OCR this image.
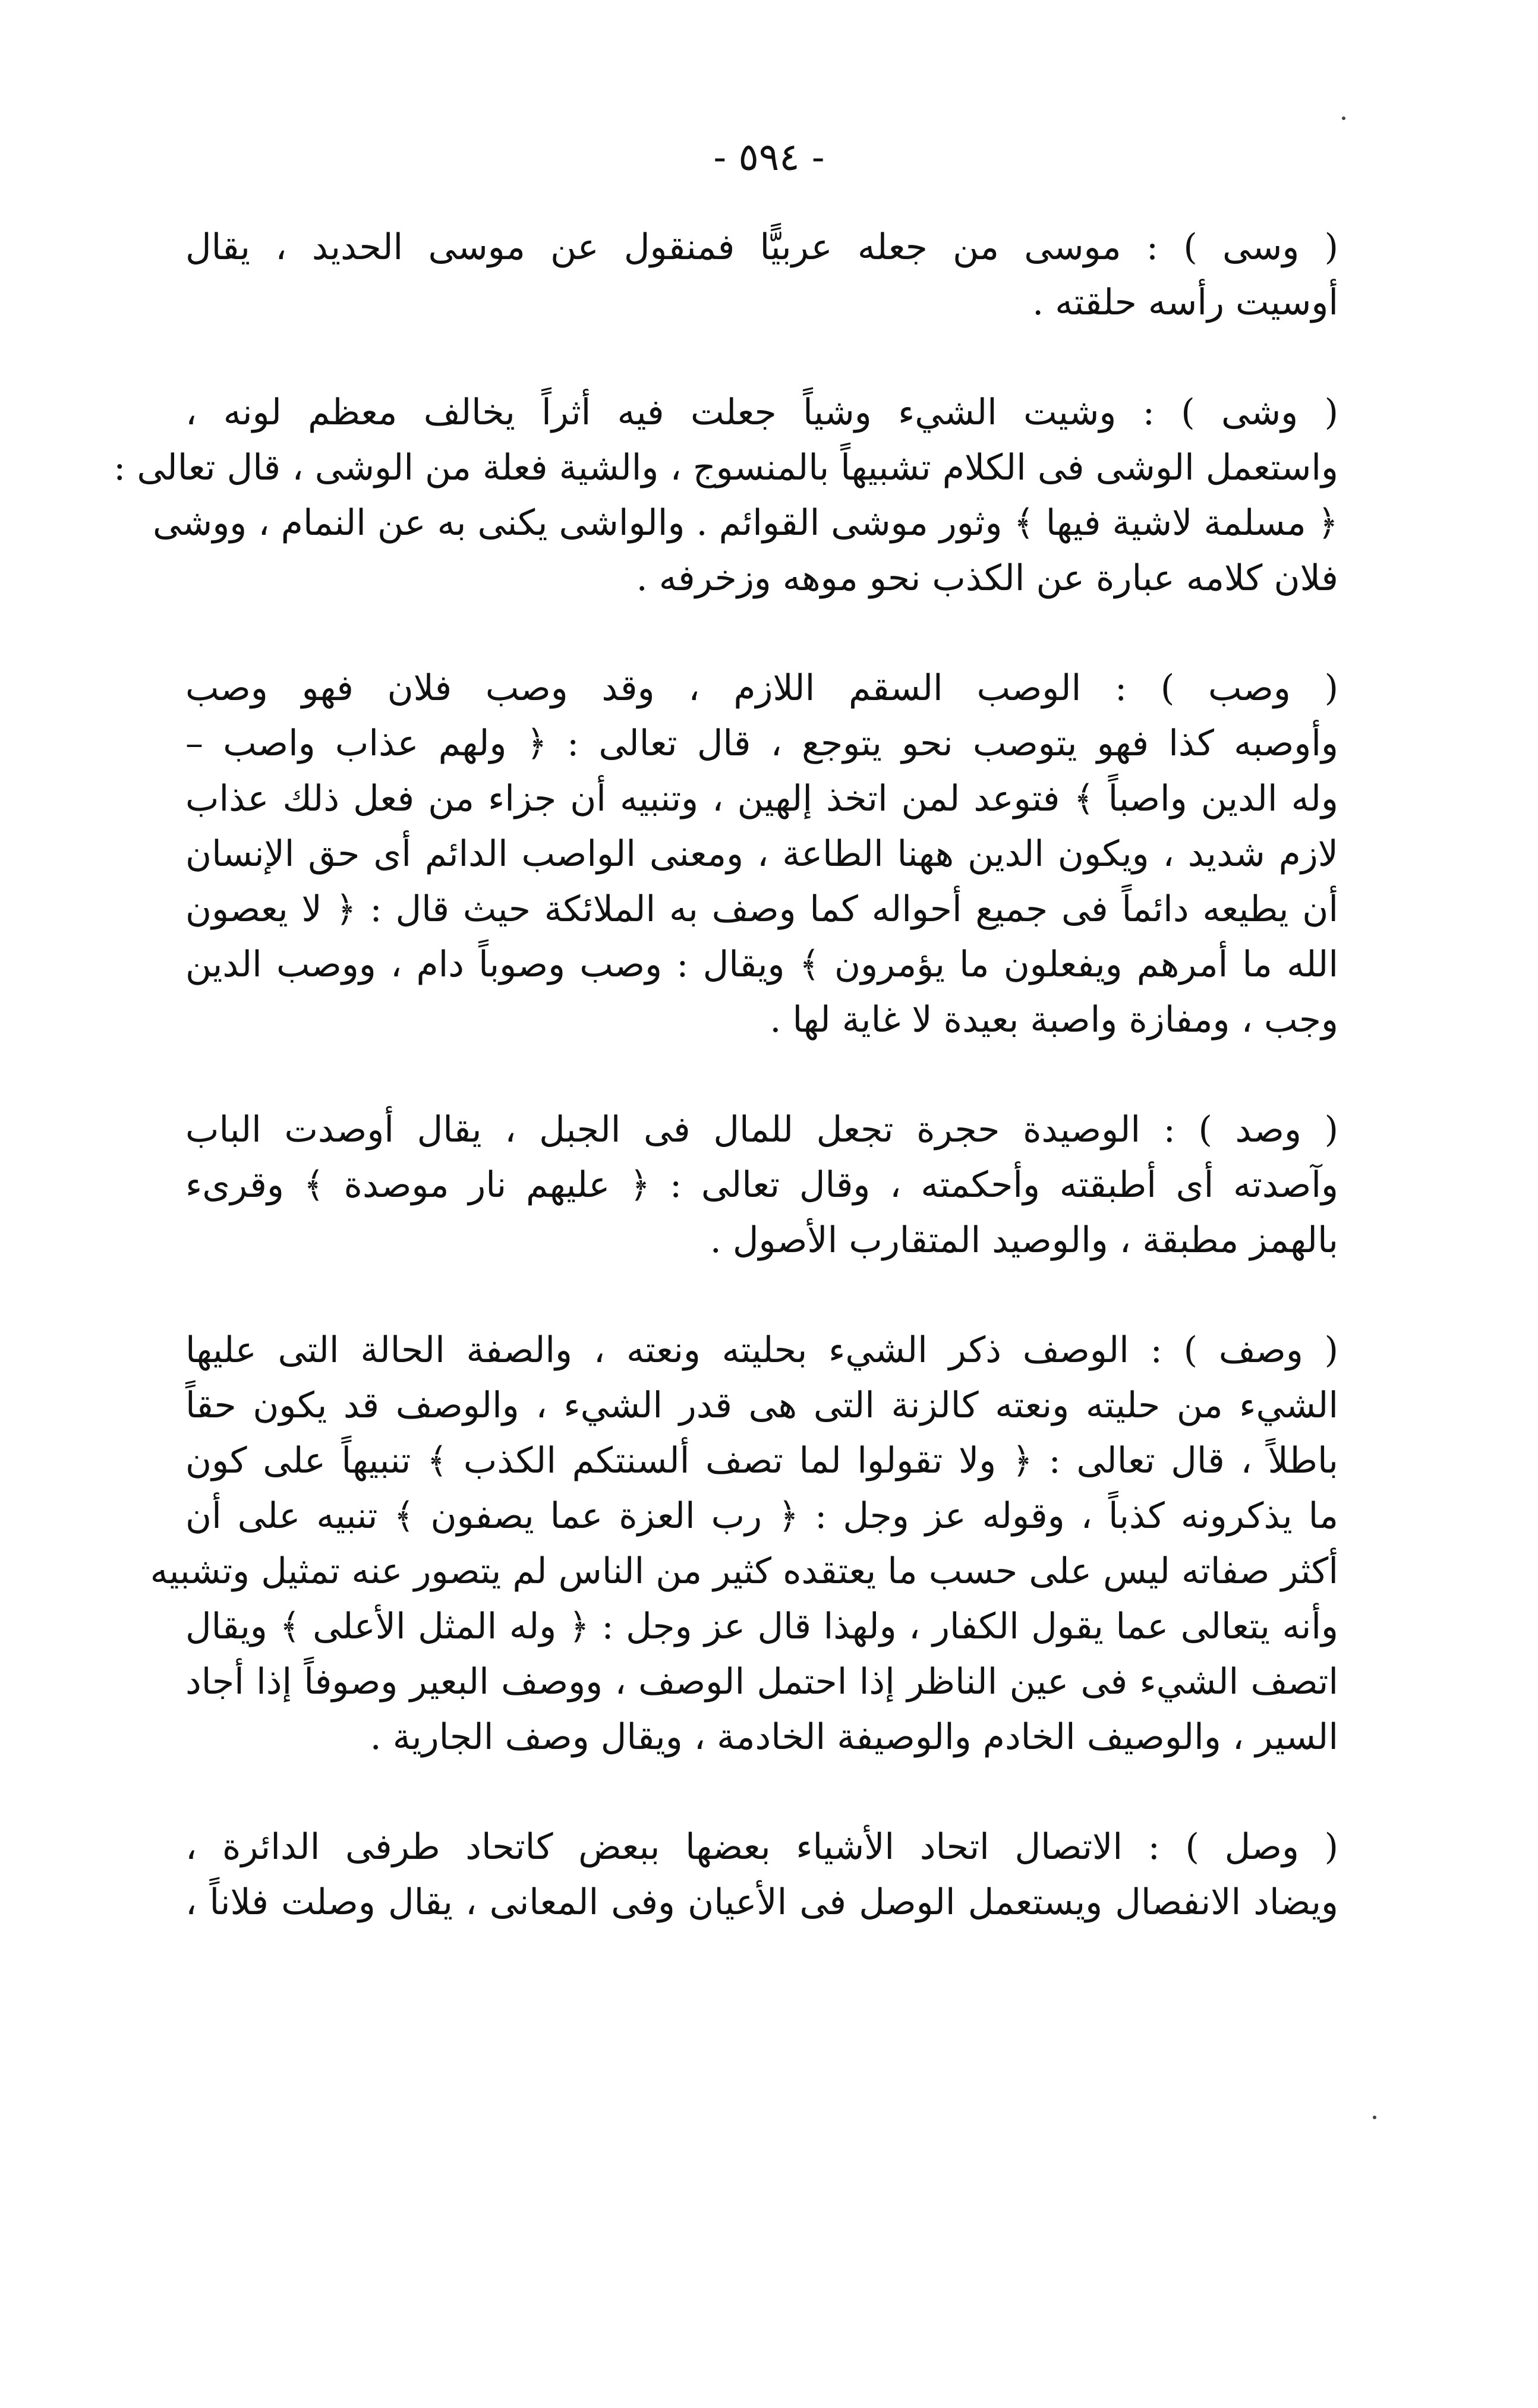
- ٥٩٤ -
( وسى ) : موسى من جعله عربيًّا فمنقول عن موسى الحديد ، يقال
أوسيت رأسه حلقته .
( وشى ) : وشيت الشيء وشياً جعلت فيه أثراً يخالف معظم لونه ،
واستعمل الوشى فى الكلام تشبيهاً بالمنسوج ، والشية فعلة من الوشى ، قال تعالى :
﴿ مسلمة لاشية فيها ﴾ وثور موشى القوائم . والواشى يكنى به عن النمام ، ووشى
فلان كلامه عبارة عن الكذب نحو موهه وزخرفه .
( وصب ) : الوصب السقم اللازم ، وقد وصب فلان فهو وصب
وأوصبه كذا فهو يتوصب نحو يتوجع ، قال تعالى : ﴿ ولهم عذاب واصب –
وله الدين واصباً ﴾ فتوعد لمن اتخذ إلهين ، وتنبيه أن جزاء من فعل ذلك عذاب
لازم شديد ، ويكون الدين ههنا الطاعة ، ومعنى الواصب الدائم أى حق الإنسان
أن يطيعه دائماً فى جميع أحواله كما وصف به الملائكة حيث قال : ﴿ لا يعصون
الله ما أمرهم ويفعلون ما يؤمرون ﴾ ويقال : وصب وصوباً دام ، ووصب الدين
وجب ، ومفازة واصبة بعيدة لا غاية لها .
( وصد ) : الوصيدة حجرة تجعل للمال فى الجبل ، يقال أوصدت الباب
وآصدته أى أطبقته وأحكمته ، وقال تعالى : ﴿ عليهم نار موصدة ﴾ وقرىء
بالهمز مطبقة ، والوصيد المتقارب الأصول .
( وصف ) : الوصف ذكر الشيء بحليته ونعته ، والصفة الحالة التى عليها
الشيء من حليته ونعته كالزنة التى هى قدر الشيء ، والوصف قد يكون حقاً
باطلاً ، قال تعالى : ﴿ ولا تقولوا لما تصف ألسنتكم الكذب ﴾ تنبيهاً على كون
ما يذكرونه كذباً ، وقوله عز وجل : ﴿ رب العزة عما يصفون ﴾ تنبيه على أن
أكثر صفاته ليس على حسب ما يعتقده كثير من الناس لم يتصور عنه تمثيل وتشبيه
وأنه يتعالى عما يقول الكفار ، ولهذا قال عز وجل : ﴿ وله المثل الأعلى ﴾ ويقال
اتصف الشيء فى عين الناظر إذا احتمل الوصف ، ووصف البعير وصوفاً إذا أجاد
السير ، والوصيف الخادم والوصيفة الخادمة ، ويقال وصف الجارية .
( وصل ) : الاتصال اتحاد الأشياء بعضها ببعض كاتحاد طرفى الدائرة ،
ويضاد الانفصال ويستعمل الوصل فى الأعيان وفى المعانى ، يقال وصلت فلاناً ،
